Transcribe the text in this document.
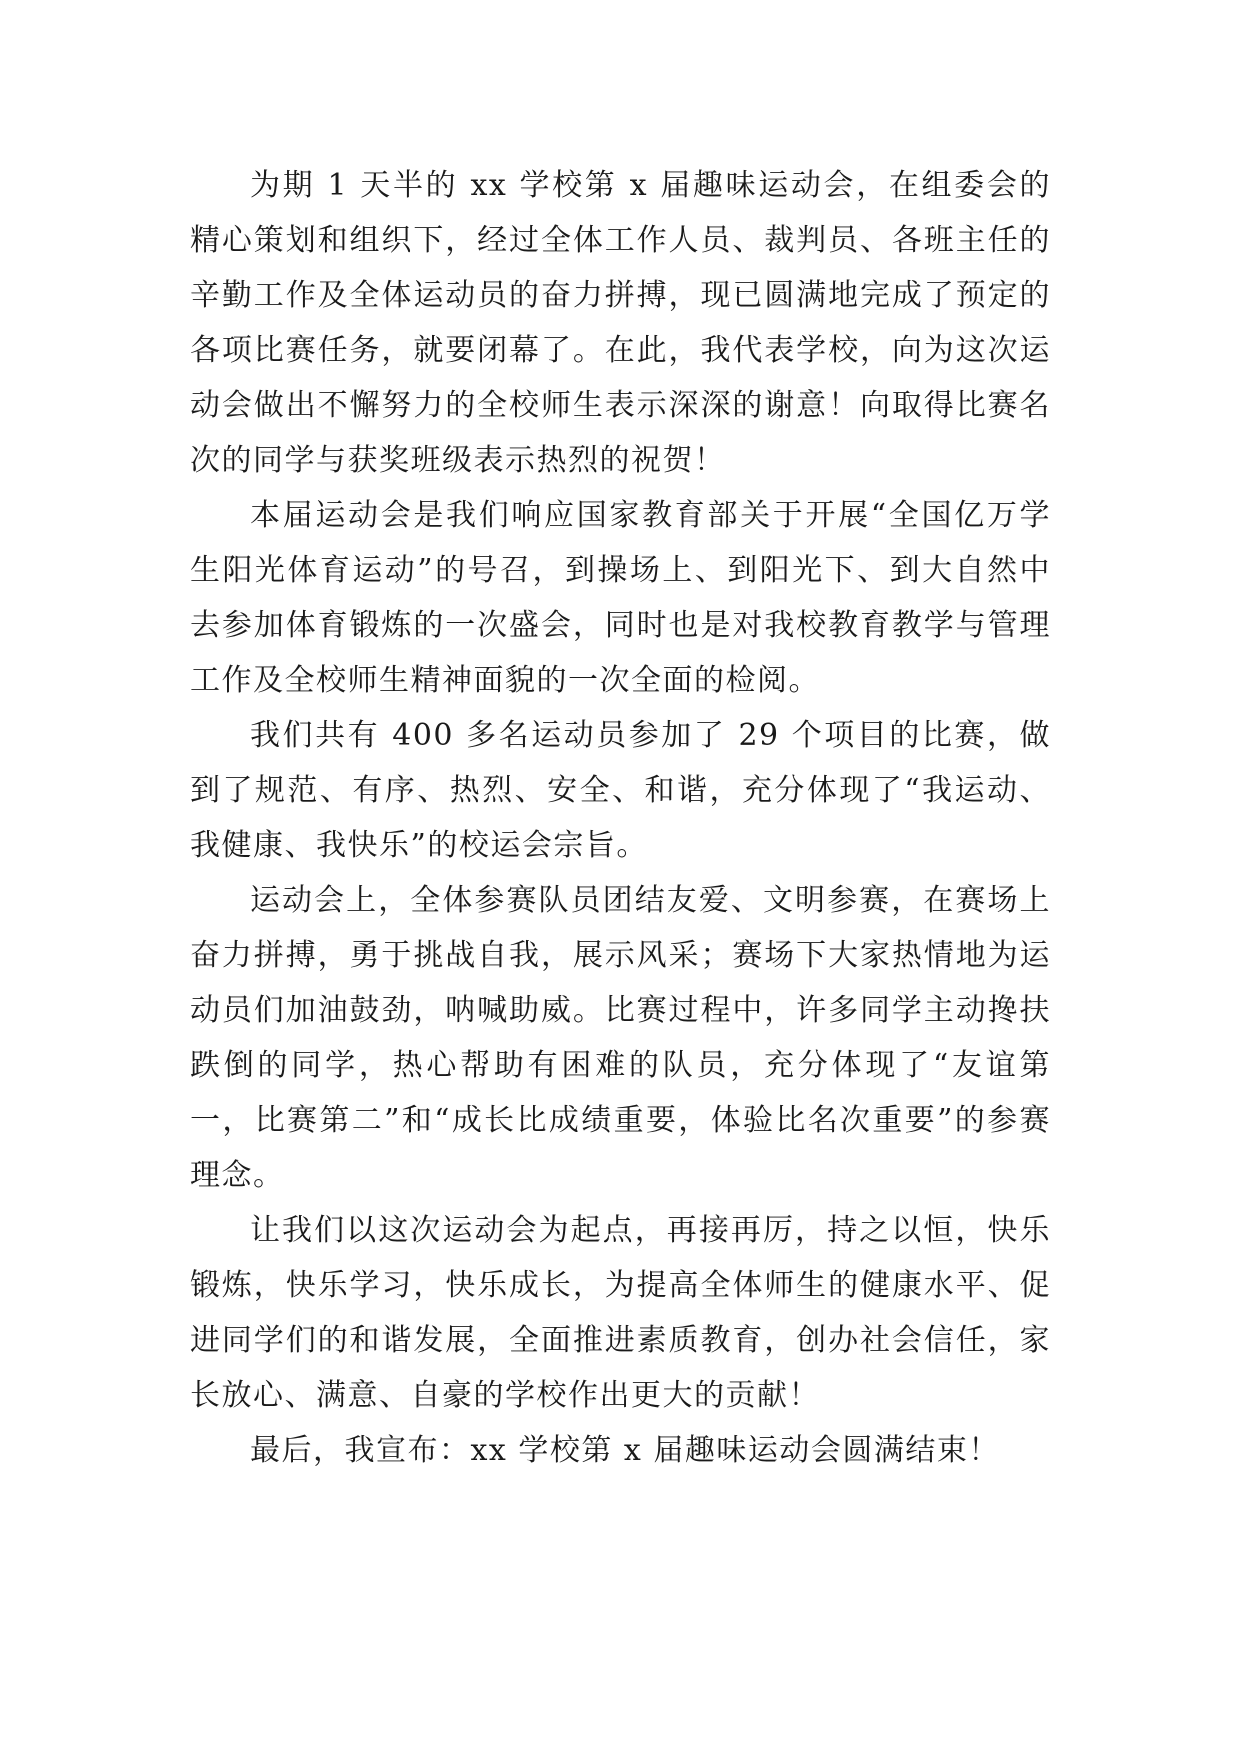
为期 1 天半的 xx 学校第 x 届趣味运动会，在组委会的精心策划和组织下，经过全体工作人员、裁判员、各班主任的辛勤工作及全体运动员的奋力拼搏，现已圆满地完成了预定的各项比赛任务，就要闭幕了。在此，我代表学校，向为这次运动会做出不懈努力的全校师生表示深深的谢意！向取得比赛名次的同学与获奖班级表示热烈的祝贺！

本届运动会是我们响应国家教育部关于开展“全国亿万学生阳光体育运动”的号召，到操场上、到阳光下、到大自然中去参加体育锻炼的一次盛会，同时也是对我校教育教学与管理工作及全校师生精神面貌的一次全面的检阅。

我们共有 400 多名运动员参加了 29 个项目的比赛，做到了规范、有序、热烈、安全、和谐，充分体现了“我运动、我健康、我快乐”的校运会宗旨。

运动会上，全体参赛队员团结友爱、文明参赛，在赛场上奋力拼搏，勇于挑战自我，展示风采；赛场下大家热情地为运动员们加油鼓劲，呐喊助威。比赛过程中，许多同学主动搀扶跌倒的同学，热心帮助有困难的队员，充分体现了“友谊第一，比赛第二”和“成长比成绩重要，体验比名次重要”的参赛理念。

让我们以这次运动会为起点，再接再厉，持之以恒，快乐锻炼，快乐学习，快乐成长，为提高全体师生的健康水平、促进同学们的和谐发展，全面推进素质教育，创办社会信任，家长放心、满意、自豪的学校作出更大的贡献！

最后，我宣布：xx 学校第 x 届趣味运动会圆满结束！
